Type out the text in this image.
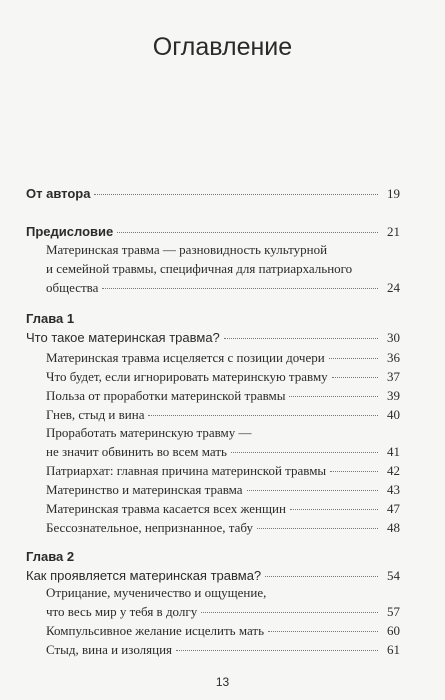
Оглавление
От автора	19
Предисловие	21
Материнская травма — разновидность культурной
и семейной травмы, специфичная для патриархального
общества	24
Глава 1
Что такое материнская травма?	30
Материнская травма исцеляется с позиции дочери	36
Что будет, если игнорировать материнскую травму	37
Польза от проработки материнской травмы	39
Гнев, стыд и вина	40
Проработать материнскую травму —
не значит обвинить во всем мать	41
Патриархат: главная причина материнской травмы	42
Материнство и материнская травма	43
Материнская травма касается всех женщин	47
Бессознательное, непризнанное, табу	48
Глава 2
Как проявляется материнская травма?	54
Отрицание, мученичество и ощущение,
что весь мир у тебя в долгу	57
Компульсивное желание исцелить мать	60
Стыд, вина и изоляция	61
13
